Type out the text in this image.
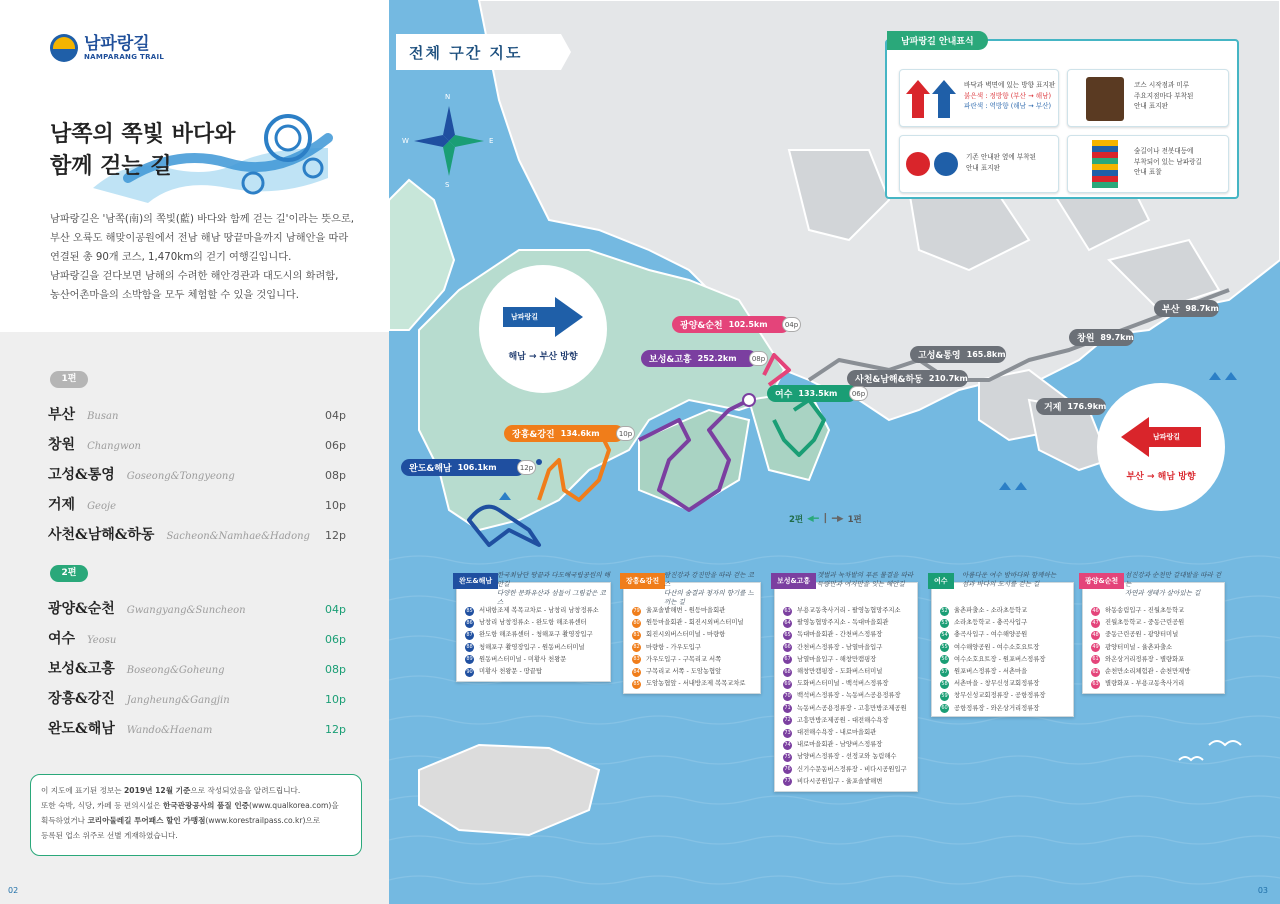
남파랑길
NAMPARANG TRAIL
남쪽의 쪽빛 바다와
함께 걷는 길
남파랑길은 '남쪽(南)의 쪽빛(藍) 바다와 함께 걷는 길'이라는 뜻으로,
부산 오륙도 해맞이공원에서 전남 해남 땅끝마을까지 남해안을 따라
연결된 총 90개 코스, 1,470km의 걷기 여행길입니다.
남파랑길을 걷다보면 남해의 수려한 해안경관과 대도시의 화려함,
농산어촌마을의 소박함을 모두 체험할 수 있을 것입니다.
1편
부산 Busan	04p
창원 Changwon	06p
고성&통영 Goseong&Tongyeong	08p
거제 Geoje	10p
사천&남해&하동 Sacheon&Namhae&Hadong	12p
2편
광양&순천 Gwangyang&Suncheon	04p
여수 Yeosu	06p
보성&고흥 Boseong&Goheung	08p
장흥&강진 Jangheung&Gangjin	10p
완도&해남 Wando&Haenam	12p
이 지도에 표기된 정보는 2019년 12월 기준으로 작성되었음을 알려드립니다.
또한 숙박, 식당, 카페 등 편의시설은 한국관광공사의 품질 인증(www.qualkorea.com)을
획득하였거나 코리아둘레길 투어패스 할인 가맹점(www.korestrailpass.co.kr)으로
등록된 업소 위주로 선별 게재하였습니다.
02
N
S
W	E
전체 구간 지도
남파랑길 안내표식
바닥과 벽면에 있는 방향 표지판
붉은색 : 정방향 (부산 → 해남)
파란색 : 역방향 (해남 → 부산)
코스 시작점과 미루
주요지점마다 부착된
안내 표지판
기존 안내판 옆에 부착된
안내 표지판
숲길이나 전봇대등에
부착되어 있는 남파랑길
안내 표찰
남파랑길
해남 → 부산 방향
남파랑길
부산 → 해남 방향
부산 98.7km
창원 89.7km
고성&통영 165.8km
거제 176.9km
사천&남해&하동 210.7km
광양&순천 102.5km	04p
보성&고흥 252.2km	08p
여수 133.5km	06p
장흥&강진 134.6km	10p
완도&해남 106.1km	12p
2편 ◀━ ┃ ━▶ 1편
완도&해남
한국최남단 땅끝과 다도해국립공원의 해안길
다양한 문화유산과 섬들이 그림같은 코스
85 서내항조제 복목교차로 - 남창리 남창정류소
86 남창리 남창정류소 - 완도항 해조류센터
87 완도항 해조류센터 - 청해포구 촬영장입구
88 청해포구 촬영장입구 - 원동버스터미널
89 원동버스터미널 - 미황사 천왕문
90 미황사 천왕문 - 땅끝탑
장흥&강진
탐진강과 강진만을 따라 걷는 코스
다산의 숨결과 청자의 향기를 느끼는 길
79 율포솔밭해변 - 원등마을회관
80 원등마을회관 - 회진시외버스터미널
81 회진시외버스터미널 - 마량항
82 마량항 - 가우도입구
83 가우도입구 - 구목리교 서쪽
84 구목리교 서쪽 - 도암농협앞
85 도암농협앞 - 서내방조제 복목교차로
보성&고흥
갯벌과 녹차밭의 푸른 물결을 따라
득량만과 여자만을 잇는 해안길
63 부용교동축사거리 - 팔영농협망주지소
64 팔영농협망주지소 - 독대마을회관
65 독대마을회관 - 간천버스정류장
66 간천버스정류장 - 남열마을입구
67 남열마을입구 - 해창만캠핑장
68 해창만캠핑장 - 도화버스터미널
69 도화버스터미널 - 백석버스정류장
70 백석버스정류장 - 녹동버스공용정류장
71 녹동버스공용정류장 - 고흥만방조제공원
72 고흥만방조제공원 - 대전해수욕장
73 대전해수욕장 - 내로마을회관
74 내로마을회관 - 남양버스정류장
75 남양버스정류장 - 선정교와 농림해수
76 신기수문동버스정류장 - 비다시공원입구
77 비다시공원입구 - 율포솔밭해변
여수
아름다운 여수 밤바다와 함께하는
섬과 바다의 도시를 걷는 길
52 율촌파출소 - 소라초등학교
53 소라초등학교 - 충곡사입구
54 충곡사입구 - 여수해양공원
55 여수해양공원 - 여수소호요트장
56 여수소호요트장 - 원포버스정류장
57 원포버스정류장 - 서촌마을
58 서촌마을 - 창무신성교회정류장
59 창무신성교회정류장 - 공항정류장
60 공항정류장 - 와온상거리정류장
광양&순천
섬진강과 순천만 갈대밭을 따라 걷는
자연과 생태가 살아있는 길
46 하동송림입구 - 진월초등학교
47 진월초등학교 - 중동근린공원
48 중동근린공원 - 광양터미널
49 광양터미널 - 율촌파출소
61 와온상거리정류장 - 별량화포
62 순천만소리체험관 - 순천만재방
63 별량화포 - 부용교동축사거리
03
